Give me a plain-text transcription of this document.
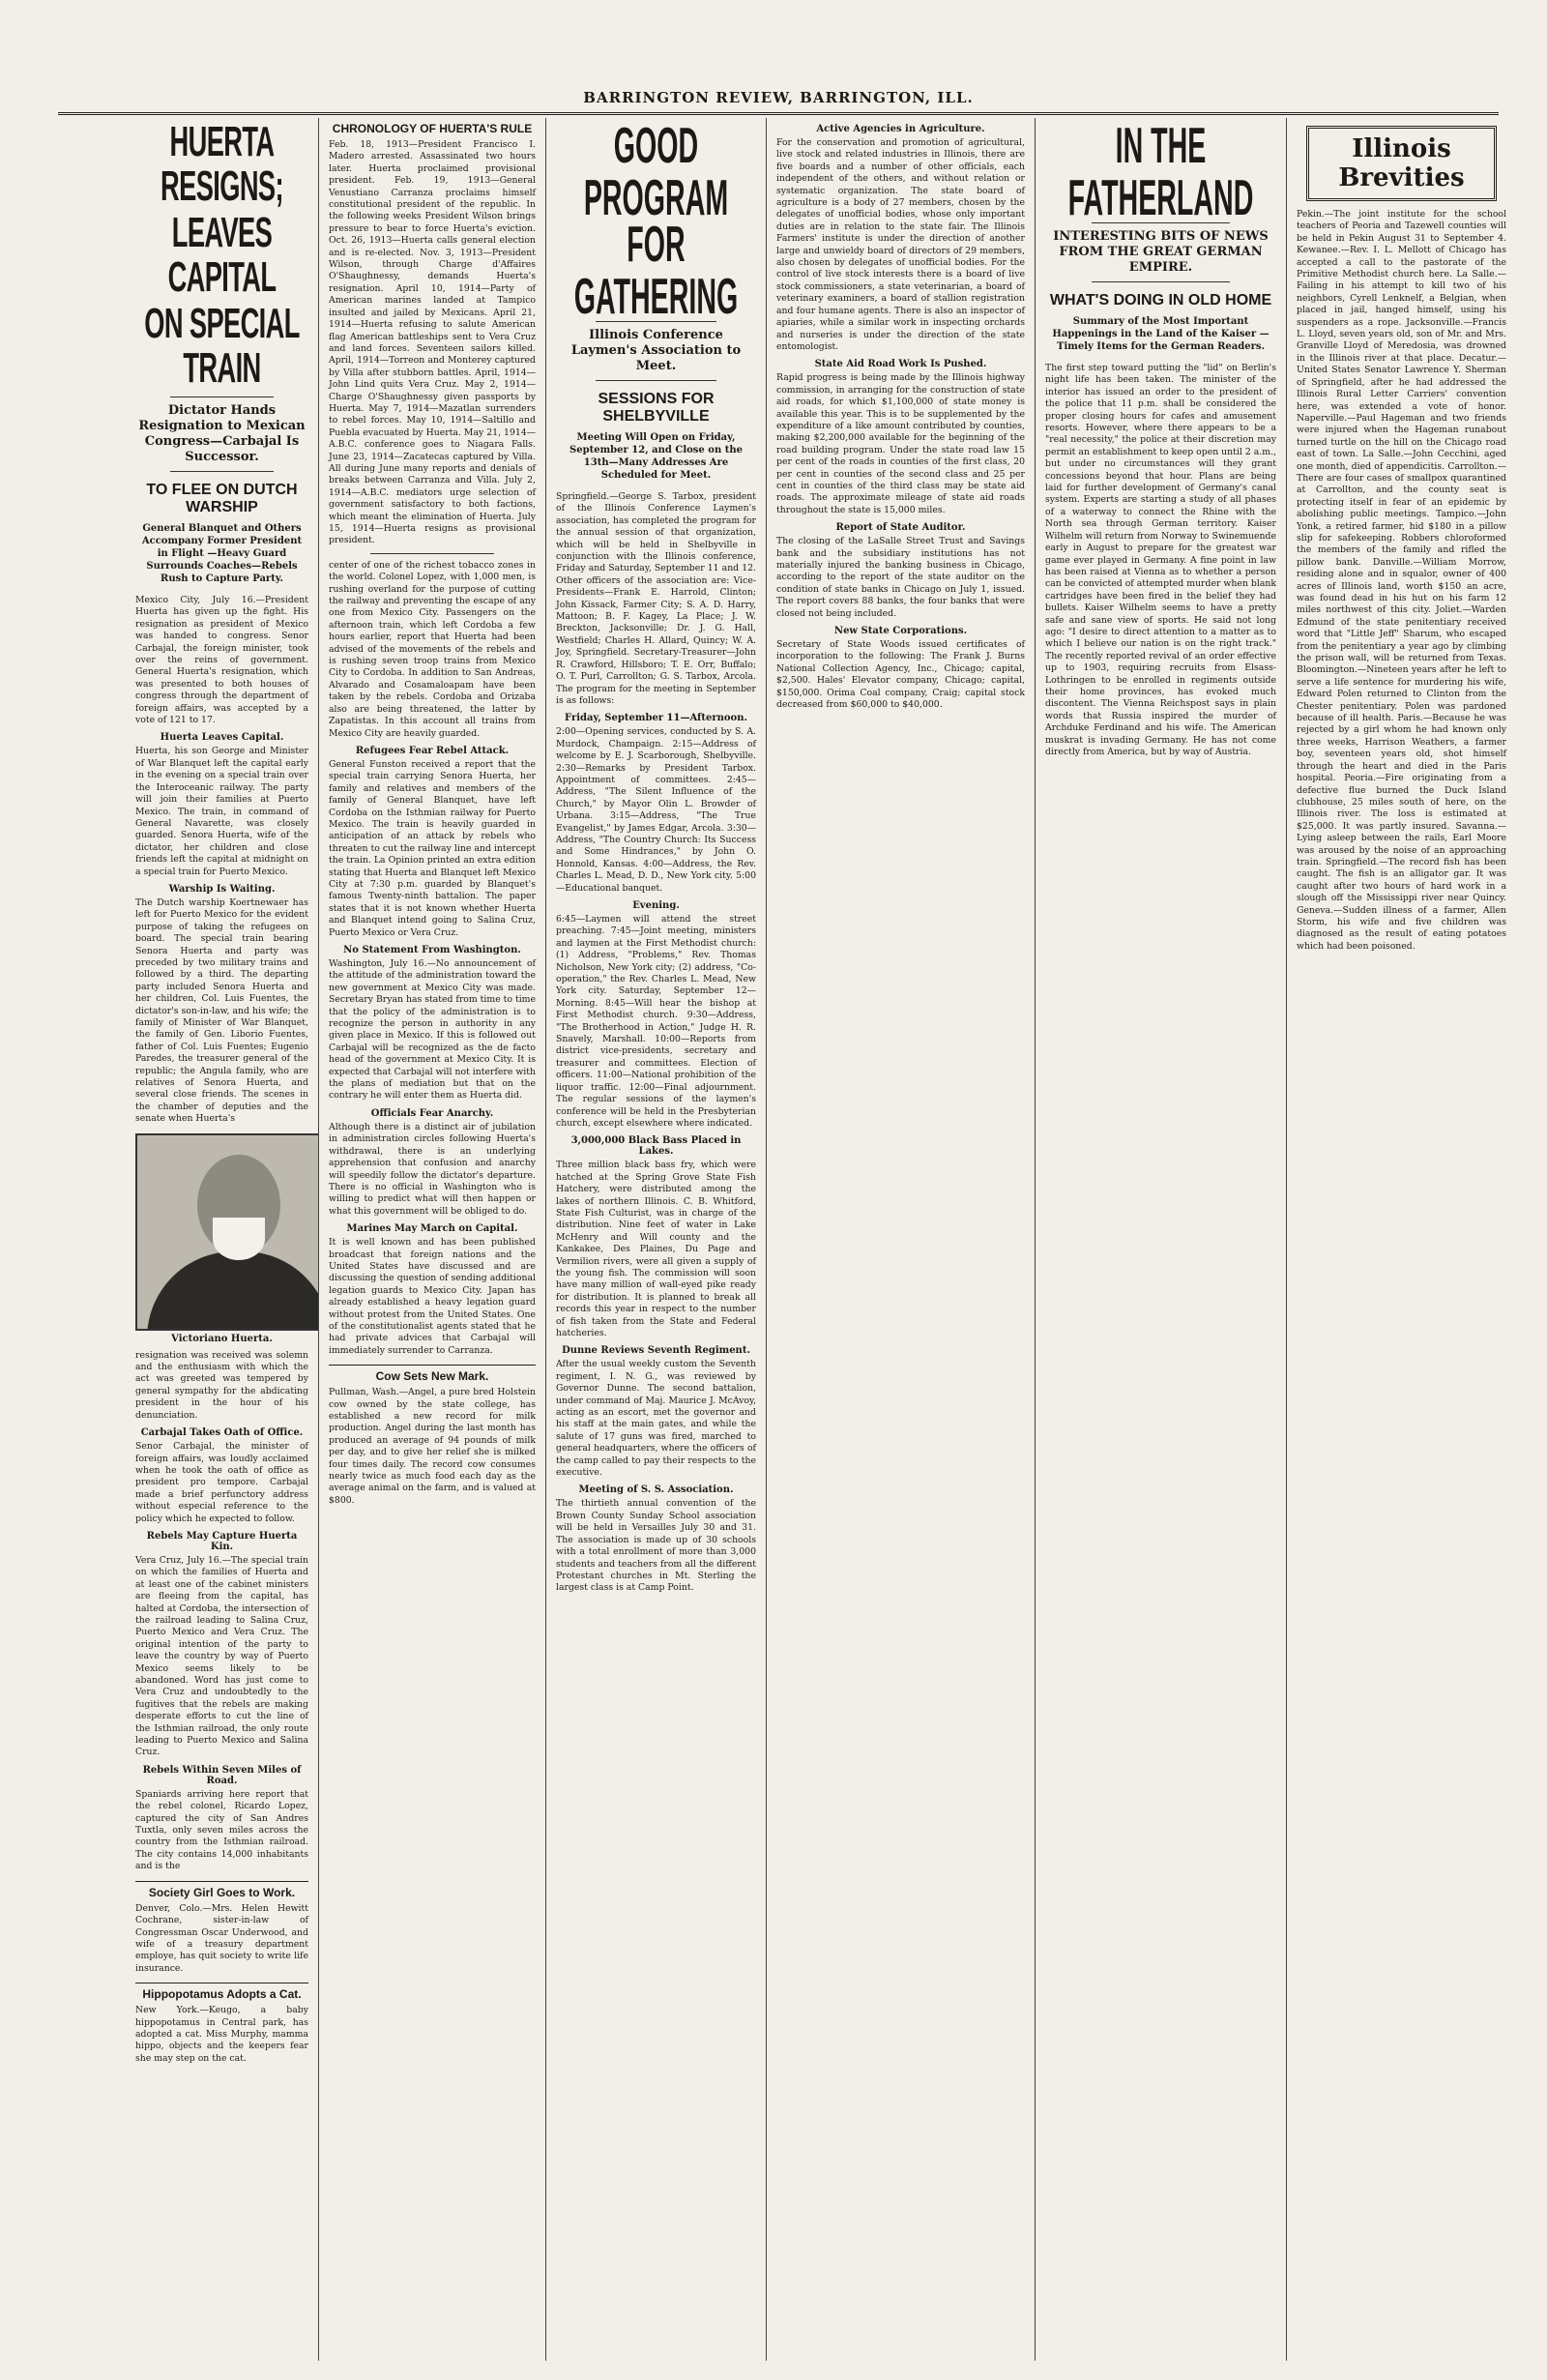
BARRINGTON REVIEW, BARRINGTON, ILL.
HUERTA RESIGNS;
LEAVES CAPITAL
ON SPECIAL TRAIN
Dictator Hands Resignation to Mexican Congress—Carbajal Is Successor.
TO FLEE ON DUTCH WARSHIP
General Blanquet and Others Accompany Former President in Flight —Heavy Guard Surrounds Coaches—Rebels Rush to Capture Party.

Mexico City, July 16.—President Huerta has given up the fight. His resignation as president of Mexico was handed to congress. Senor Carbajal, the foreign minister, took over the reins of government. General Huerta's resignation, which was presented to both houses of congress through the department of foreign affairs, was accepted by a vote of 121 to 17.

Huerta Leaves Capital.

Huerta, his son George and Minister of War Blanquet left the capital early in the evening on a special train over the Interoceanic railway. The party will join their families at Puerto Mexico. The train, in command of General Navarette, was closely guarded. Senora Huerta, wife of the dictator, her children and close friends left the capital at midnight on a special train for Puerto Mexico.

Warship Is Waiting.

The Dutch warship Koertnewaer has left for Puerto Mexico for the evident purpose of taking the refugees on board. The special train bearing Senora Huerta and party was preceded by two military trains and followed by a third. The departing party included Senora Huerta and her children, Col. Luis Fuentes, the dictator's son-in-law, and his wife; the family of Minister of War Blanquet, the family of Gen. Liborio Fuentes, father of Col. Luis Fuentes; Eugenio Paredes, the treasurer general of the republic; the Angula family, who are relatives of Senora Huerta, and several close friends. The scenes in the chamber of deputies and the senate when Huerta's

Victoriano Huerta.

resignation was received was solemn and the enthusiasm with which the act was greeted was tempered by general sympathy for the abdicating president in the hour of his denunciation.

Carbajal Takes Oath of Office.

Senor Carbajal, the minister of foreign affairs, was loudly acclaimed when he took the oath of office as president pro tempore. Carbajal made a brief perfunctory address without especial reference to the policy which he expected to follow.

Rebels May Capture Huerta Kin.

Vera Cruz, July 16.—The special train on which the families of Huerta and at least one of the cabinet ministers are fleeing from the capital, has halted at Cordoba, the intersection of the railroad leading to Salina Cruz, Puerto Mexico and Vera Cruz. The original intention of the party to leave the country by way of Puerto Mexico seems likely to be abandoned. Word has just come to Vera Cruz and undoubtedly to the fugitives that the rebels are making desperate efforts to cut the line of the Isthmian railroad, the only route leading to Puerto Mexico and Salina Cruz.

Rebels Within Seven Miles of Road.

Spaniards arriving here report that the rebel colonel, Ricardo Lopez, captured the city of San Andres Tuxtla, only seven miles across the country from the Isthmian railroad. The city contains 14,000 inhabitants and is the

Society Girl Goes to Work.

Denver, Colo.—Mrs. Helen Hewitt Cochrane, sister-in-law of Congressman Oscar Underwood, and wife of a treasury department employe, has quit society to write life insurance.

Hippopotamus Adopts a Cat.

New York.—Keugo, a baby hippopotamus in Central park, has adopted a cat. Miss Murphy, mamma hippo, objects and the keepers fear she may step on the cat.

CHRONOLOGY OF HUERTA'S RULE

Feb. 18, 1913—President Francisco I. Madero arrested. Assassinated two hours later. Huerta proclaimed provisional president. Feb. 19, 1913—General Venustiano Carranza proclaims himself constitutional president of the republic. In the following weeks President Wilson brings pressure to bear to force Huerta's eviction. Oct. 26, 1913—Huerta calls general election and is re-elected. Nov. 3, 1913—President Wilson, through Charge d'Affaires O'Shaughnessy, demands Huerta's resignation. April 10, 1914—Party of American marines landed at Tampico insulted and jailed by Mexicans. April 21, 1914—Huerta refusing to salute American flag American battleships sent to Vera Cruz and land forces. Seventeen sailors killed. April, 1914—Torreon and Monterey captured by Villa after stubborn battles. April, 1914—John Lind quits Vera Cruz. May 2, 1914—Charge O'Shaughnessy given passports by Huerta. May 7, 1914—Mazatlan surrenders to rebel forces. May 10, 1914—Saltillo and Puebla evacuated by Huerta. May 21, 1914—A.B.C. conference goes to Niagara Falls. June 23, 1914—Zacatecas captured by Villa. All during June many reports and denials of breaks between Carranza and Villa. July 2, 1914—A.B.C. mediators urge selection of government satisfactory to both factions, which meant the elimination of Huerta. July 15, 1914—Huerta resigns as provisional president.

center of one of the richest tobacco zones in the world. Colonel Lopez, with 1,000 men, is rushing overland for the purpose of cutting the railway and preventing the escape of any one from Mexico City. Passengers on the afternoon train, which left Cordoba a few hours earlier, report that Huerta had been advised of the movements of the rebels and is rushing seven troop trains from Mexico City to Cordoba. In addition to San Andreas, Alvarado and Cosamaloapam have been taken by the rebels. Cordoba and Orizaba also are being threatened, the latter by Zapatistas. In this account all trains from Mexico City are heavily guarded.

Refugees Fear Rebel Attack.

General Funston received a report that the special train carrying Senora Huerta, her family and relatives and members of the family of General Blanquet, have left Cordoba on the Isthmian railway for Puerto Mexico. The train is heavily guarded in anticipation of an attack by rebels who threaten to cut the railway line and intercept the train. La Opinion printed an extra edition stating that Huerta and Blanquet left Mexico City at 7:30 p.m. guarded by Blanquet's famous Twenty-ninth battalion. The paper states that it is not known whether Huerta and Blanquet intend going to Salina Cruz, Puerto Mexico or Vera Cruz.

No Statement From Washington.

Washington, July 16.—No announcement of the attitude of the administration toward the new government at Mexico City was made. Secretary Bryan has stated from time to time that the policy of the administration is to recognize the person in authority in any given place in Mexico. If this is followed out Carbajal will be recognized as the de facto head of the government at Mexico City. It is expected that Carbajal will not interfere with the plans of mediation but that on the contrary he will enter them as Huerta did.

Officials Fear Anarchy.

Although there is a distinct air of jubilation in administration circles following Huerta's withdrawal, there is an underlying apprehension that confusion and anarchy will speedily follow the dictator's departure. There is no official in Washington who is willing to predict what will then happen or what this government will be obliged to do.

Marines May March on Capital.

It is well known and has been published broadcast that foreign nations and the United States have discussed and are discussing the question of sending additional legation guards to Mexico City. Japan has already established a heavy legation guard without protest from the United States. One of the constitutionalist agents stated that he had private advices that Carbajal will immediately surrender to Carranza.

Cow Sets New Mark.

Pullman, Wash.—Angel, a pure bred Holstein cow owned by the state college, has established a new record for milk production. Angel during the last month has produced an average of 94 pounds of milk per day, and to give her relief she is milked four times daily. The record cow consumes nearly twice as much food each day as the average animal on the farm, and is valued at $800.

GOOD PROGRAM
FOR GATHERING
Illinois Conference Laymen's Association to Meet.
SESSIONS FOR SHELBYVILLE
Meeting Will Open on Friday, September 12, and Close on the 13th—Many Addresses Are Scheduled for Meet.

Springfield.—George S. Tarbox, president of the Illinois Conference Laymen's association, has completed the program for the annual session of that organization, which will be held in Shelbyville in conjunction with the Illinois conference, Friday and Saturday, September 11 and 12. Other officers of the association are: Vice-Presidents—Frank E. Harrold, Clinton; John Kissack, Farmer City; S. A. D. Harry, Mattoon; B. F. Kagey, La Place; J. W. Breckton, Jacksonville; Dr. J. G. Hall, Westfield; Charles H. Allard, Quincy; W. A. Joy, Springfield. Secretary-Treasurer—John R. Crawford, Hillsboro; T. E. Orr, Buffalo; O. T. Purl, Carrollton; G. S. Tarbox, Arcola. The program for the meeting in September is as follows:

Friday, September 11—Afternoon.

2:00—Opening services, conducted by S. A. Murdock, Champaign. 2:15—Address of welcome by E. J. Scarborough, Shelbyville. 2:30—Remarks by President Tarbox. Appointment of committees. 2:45—Address, "The Silent Influence of the Church," by Mayor Olin L. Browder of Urbana. 3:15—Address, "The True Evangelist," by James Edgar, Arcola. 3:30—Address, "The Country Church: Its Success and Some Hindrances," by John O. Honnold, Kansas. 4:00—Address, the Rev. Charles L. Mead, D. D., New York city. 5:00—Educational banquet.

Evening.

6:45—Laymen will attend the street preaching. 7:45—Joint meeting, ministers and laymen at the First Methodist church: (1) Address, "Problems," Rev. Thomas Nicholson, New York city; (2) address, "Co-operation," the Rev. Charles L. Mead, New York city. Saturday, September 12—Morning. 8:45—Will hear the bishop at First Methodist church. 9:30—Address, "The Brotherhood in Action," Judge H. R. Snavely, Marshall. 10:00—Reports from district vice-presidents, secretary and treasurer and committees. Election of officers. 11:00—National prohibition of the liquor traffic. 12:00—Final adjournment. The regular sessions of the laymen's conference will be held in the Presbyterian church, except elsewhere where indicated.

3,000,000 Black Bass Placed in Lakes.

Three million black bass fry, which were hatched at the Spring Grove State Fish Hatchery, were distributed among the lakes of northern Illinois. C. B. Whitford, State Fish Culturist, was in charge of the distribution. Nine feet of water in Lake McHenry and Will county and the Kankakee, Des Plaines, Du Page and Vermilion rivers, were all given a supply of the young fish. The commission will soon have many million of wall-eyed pike ready for distribution. It is planned to break all records this year in respect to the number of fish taken from the State and Federal hatcheries.

Dunne Reviews Seventh Regiment.

After the usual weekly custom the Seventh regiment, I. N. G., was reviewed by Governor Dunne. The second battalion, under command of Maj. Maurice J. McAvoy, acting as an escort, met the governor and his staff at the main gates, and while the salute of 17 guns was fired, marched to general headquarters, where the officers of the camp called to pay their respects to the executive.

Meeting of S. S. Association.

The thirtieth annual convention of the Brown County Sunday School association will be held in Versailles July 30 and 31. The association is made up of 30 schools with a total enrollment of more than 3,000 students and teachers from all the different Protestant churches in Mt. Sterling the largest class is at Camp Point.

Active Agencies in Agriculture.

For the conservation and promotion of agricultural, live stock and related industries in Illinois, there are five boards and a number of other officials, each independent of the others, and without relation or systematic organization. The state board of agriculture is a body of 27 members, chosen by the delegates of unofficial bodies, whose only important duties are in relation to the state fair. The Illinois Farmers' institute is under the direction of another large and unwieldy board of directors of 29 members, also chosen by delegates of unofficial bodies. For the control of live stock interests there is a board of live stock commissioners, a state veterinarian, a board of veterinary examiners, a board of stallion registration and four humane agents. There is also an inspector of apiaries, while a similar work in inspecting orchards and nurseries is under the direction of the state entomologist.

State Aid Road Work Is Pushed.

Rapid progress is being made by the Illinois highway commission, in arranging for the construction of state aid roads, for which $1,100,000 of state money is available this year. This is to be supplemented by the expenditure of a like amount contributed by counties, making $2,200,000 available for the beginning of the road building program. Under the state road law 15 per cent of the roads in counties of the first class, 20 per cent in counties of the second class and 25 per cent in counties of the third class may be state aid roads. The approximate mileage of state aid roads throughout the state is 15,000 miles.

Report of State Auditor.

The closing of the LaSalle Street Trust and Savings bank and the subsidiary institutions has not materially injured the banking business in Chicago, according to the report of the state auditor on the condition of state banks in Chicago on July 1, issued. The report covers 88 banks, the four banks that were closed not being included.

New State Corporations.

Secretary of State Woods issued certificates of incorporation to the following: The Frank J. Burns National Collection Agency, Inc., Chicago; capital, $2,500. Hales' Elevator company, Chicago; capital, $150,000. Orima Coal company, Craig; capital stock decreased from $60,000 to $40,000.

IN THE FATHERLAND
INTERESTING BITS OF NEWS FROM THE GREAT GERMAN EMPIRE.
WHAT'S DOING IN OLD HOME
Summary of the Most Important Happenings in the Land of the Kaiser —Timely Items for the German Readers.

The first step toward putting the "lid" on Berlin's night life has been taken. The minister of the interior has issued an order to the president of the police that 11 p.m. shall be considered the proper closing hours for cafes and amusement resorts. However, where there appears to be a "real necessity," the police at their discretion may permit an establishment to keep open until 2 a.m., but under no circumstances will they grant concessions beyond that hour. Plans are being laid for further development of Germany's canal system. Experts are starting a study of all phases of a waterway to connect the Rhine with the North sea through German territory. Kaiser Wilhelm will return from Norway to Swinemuende early in August to prepare for the greatest war game ever played in Germany. A fine point in law has been raised at Vienna as to whether a person can be convicted of attempted murder when blank cartridges have been fired in the belief they had bullets. Kaiser Wilhelm seems to have a pretty safe and sane view of sports. He said not long ago: "I desire to direct attention to a matter as to which I believe our nation is on the right track." The recently reported revival of an order effective up to 1903, requiring recruits from Elsass-Lothringen to be enrolled in regiments outside their home provinces, has evoked much discontent. The Vienna Reichspost says in plain words that Russia inspired the murder of Archduke Ferdinand and his wife. The American muskrat is invading Germany. He has not come directly from America, but by way of Austria.

Illinois
Brevities

Pekin.—The joint institute for the school teachers of Peoria and Tazewell counties will be held in Pekin August 31 to September 4. Kewanee.—Rev. I. L. Mellott of Chicago has accepted a call to the pastorate of the Primitive Methodist church here. La Salle.—Failing in his attempt to kill two of his neighbors, Cyrell Lenknelf, a Belgian, when placed in jail, hanged himself, using his suspenders as a rope. Jacksonville.—Francis L. Lloyd, seven years old, son of Mr. and Mrs. Granville Lloyd of Meredosia, was drowned in the Illinois river at that place. Decatur.—United States Senator Lawrence Y. Sherman of Springfield, after he had addressed the Illinois Rural Letter Carriers' convention here, was extended a vote of honor. Naperville.—Paul Hageman and two friends were injured when the Hageman runabout turned turtle on the hill on the Chicago road east of town. La Salle.—John Cecchini, aged one month, died of appendicitis. Carrollton.—There are four cases of smallpox quarantined at Carrollton, and the county seat is protecting itself in fear of an epidemic by abolishing public meetings. Tampico.—John Yonk, a retired farmer, hid $180 in a pillow slip for safekeeping. Robbers chloroformed the members of the family and rifled the pillow bank. Danville.—William Morrow, residing alone and in squalor, owner of 400 acres of Illinois land, worth $150 an acre, was found dead in his hut on his farm 12 miles northwest of this city. Joliet.—Warden Edmund of the state penitentiary received word that "Little Jeff" Sharum, who escaped from the penitentiary a year ago by climbing the prison wall, will be returned from Texas. Bloomington.—Nineteen years after he left to serve a life sentence for murdering his wife, Edward Polen returned to Clinton from the Chester penitentiary. Polen was pardoned because of ill health. Paris.—Because he was rejected by a girl whom he had known only three weeks, Harrison Weathers, a farmer boy, seventeen years old, shot himself through the heart and died in the Paris hospital. Peoria.—Fire originating from a defective flue burned the Duck Island clubhouse, 25 miles south of here, on the Illinois river. The loss is estimated at $25,000. It was partly insured. Savanna.—Lying asleep between the rails, Earl Moore was aroused by the noise of an approaching train. Springfield.—The record fish has been caught. The fish is an alligator gar. It was caught after two hours of hard work in a slough off the Mississippi river near Quincy. Geneva.—Sudden illness of a farmer, Allen Storm, his wife and five children was diagnosed as the result of eating potatoes which had been poisoned.
